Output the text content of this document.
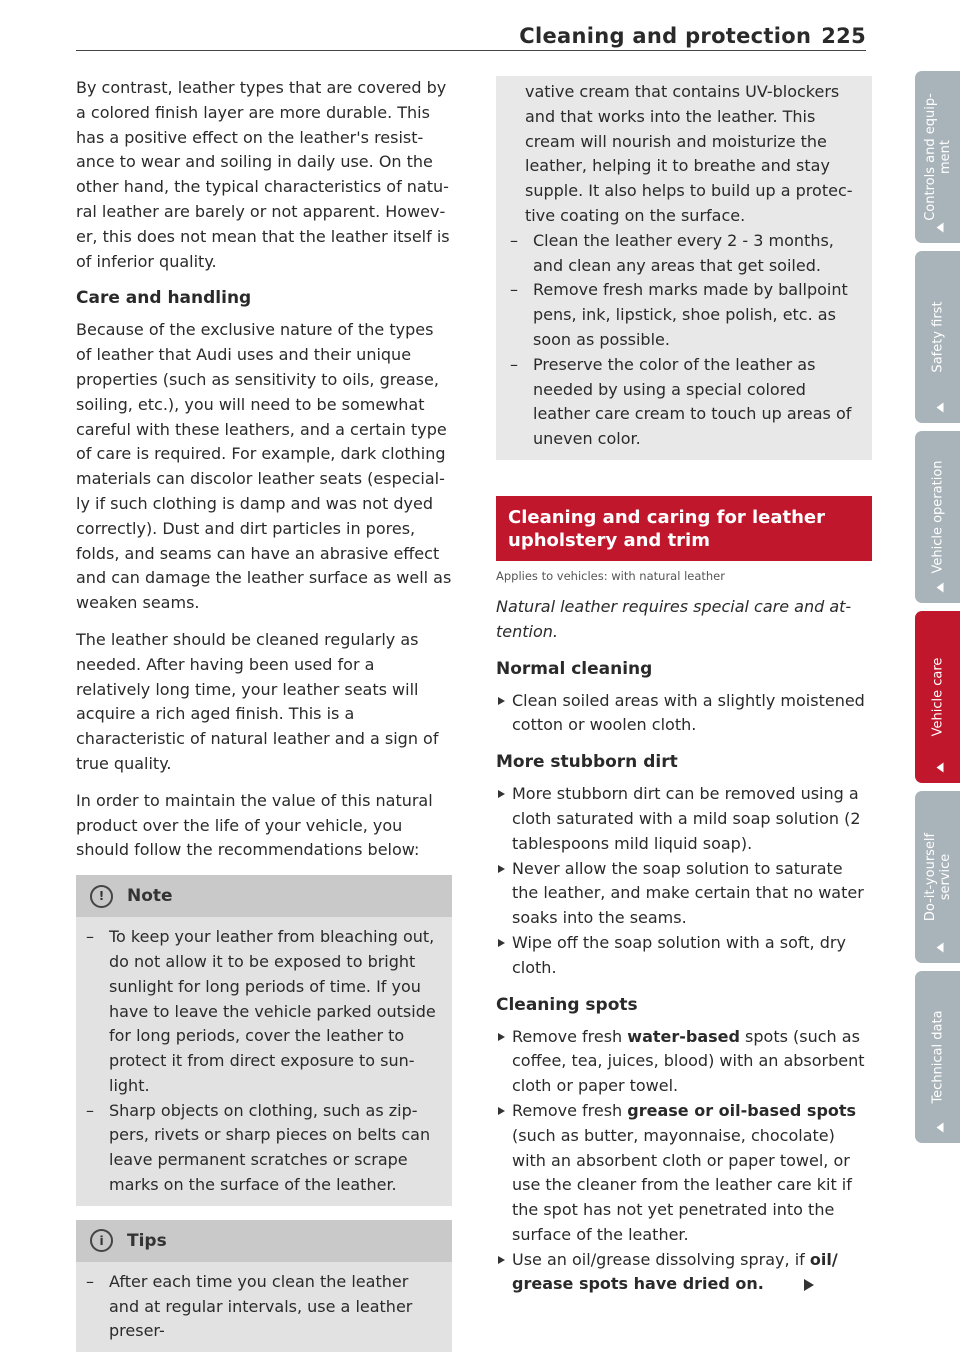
Cleaning and protection 225

By contrast, leather types that are covered by a colored finish layer are more durable. This has a positive effect on the leather's resistance to wear and soiling in daily use. On the other hand, the typical characteristics of natural leather are barely or not apparent. However, this does not mean that the leather itself is of inferior quality.

Care and handling

Because of the exclusive nature of the types of leather that Audi uses and their unique properties (such as sensitivity to oils, grease, soiling, etc.), you will need to be somewhat careful with these leathers, and a certain type of care is required. For example, dark clothing materials can discolor leather seats (especially if such clothing is damp and was not dyed correctly). Dust and dirt particles in pores, folds, and seams can have an abrasive effect and can damage the leather surface as well as weaken seams.

The leather should be cleaned regularly as needed. After having been used for a relatively long time, your leather seats will acquire a rich aged finish. This is a characteristic of natural leather and a sign of true quality.

In order to maintain the value of this natural product over the life of your vehicle, you should follow the recommendations below:

!	Note
– To keep your leather from bleaching out, do not allow it to be exposed to bright sunlight for long periods of time. If you have to leave the vehicle parked outside for long periods, cover the leather to protect it from direct exposure to sunlight.
– Sharp objects on clothing, such as zippers, rivets or sharp pieces on belts can leave permanent scratches or scrape marks on the surface of the leather.
i	Tips
– After each time you clean the leather and at regular intervals, use a leather preser-
vative cream that contains UV-blockers and that works into the leather. This cream will nourish and moisturize the leather, helping it to breathe and stay supple. It also helps to build up a protective coating on the surface.
– Clean the leather every 2 - 3 months, and clean any areas that get soiled.
– Remove fresh marks made by ballpoint pens, ink, lipstick, shoe polish, etc. as soon as possible.
– Preserve the color of the leather as needed by using a special colored leather care cream to touch up areas of uneven color.
Cleaning and caring for leather upholstery and trim
Applies to vehicles: with natural leather

Natural leather requires special care and attention.

Normal cleaning
Clean soiled areas with a slightly moistened cotton or woolen cloth.
More stubborn dirt
More stubborn dirt can be removed using a cloth saturated with a mild soap solution (2 tablespoons mild liquid soap).
Never allow the soap solution to saturate the leather, and make certain that no water soaks into the seams.
Wipe off the soap solution with a soft, dry cloth.
Cleaning spots
Remove fresh water-based spots (such as coffee, tea, juices, blood) with an absorbent cloth or paper towel.
Remove fresh grease or oil-based spots (such as butter, mayonnaise, chocolate) with an absorbent cloth or paper towel, or use the cleaner from the leather care kit if the spot has not yet penetrated into the surface of the leather.
Use an oil/grease dissolving spray, if oil/ grease spots have dried on.
Controls and equip-
ment
Safety first
Vehicle operation
Vehicle care
Do-it-yourself
service
Technical data
